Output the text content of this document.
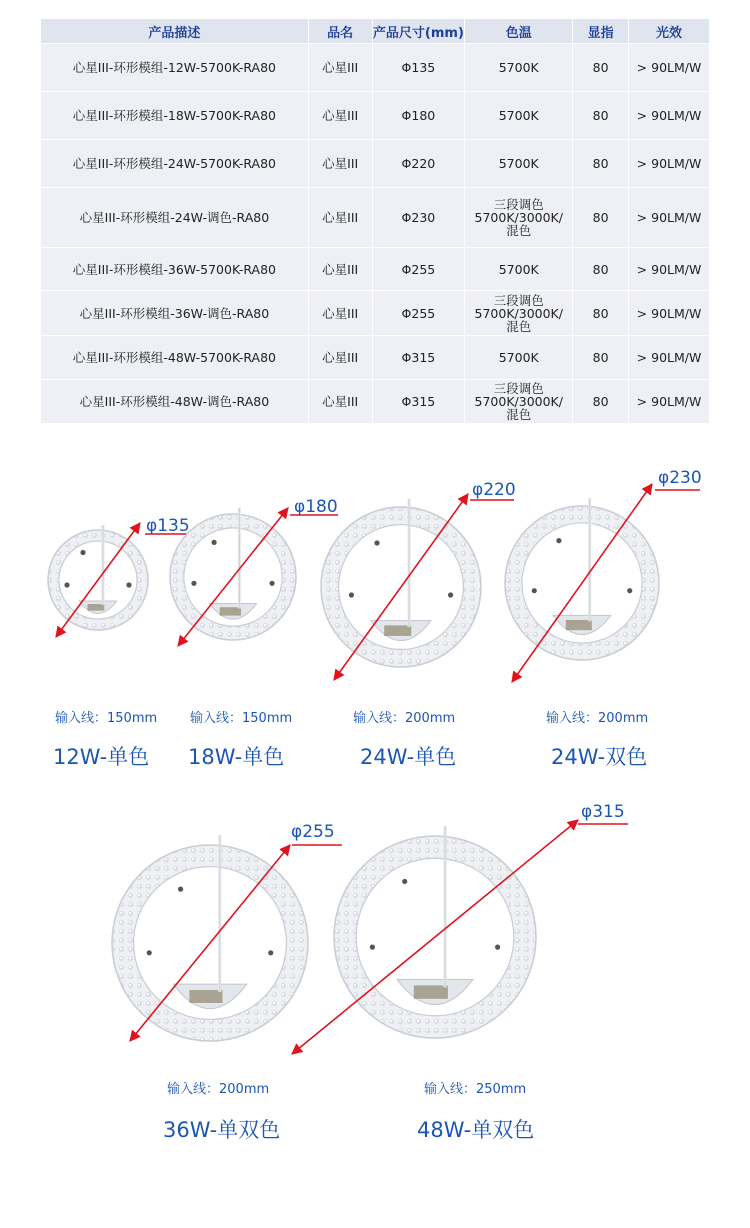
产品描述	品名	产品尺寸(mm)	色温	显指	光效
心星III-环形模组-12W-5700K-RA80	心星III	Φ135	5700K	80	> 90LM/W
心星III-环形模组-18W-5700K-RA80	心星III	Φ180	5700K	80	> 90LM/W
心星III-环形模组-24W-5700K-RA80	心星III	Φ220	5700K	80	> 90LM/W
心星III-环形模组-24W-调色-RA80	心星III	Φ230	三段调色 5700K/3000K/混色	80	> 90LM/W
心星III-环形模组-36W-5700K-RA80	心星III	Φ255	5700K	80	> 90LM/W
心星III-环形模组-36W-调色-RA80	心星III	Φ255	三段调色 5700K/3000K/混色	80	> 90LM/W
心星III-环形模组-48W-5700K-RA80	心星III	Φ315	5700K	80	> 90LM/W
心星III-环形模组-48W-调色-RA80	心星III	Φ315	三段调色 5700K/3000K/混色	80	> 90LM/W
φ135
输入线：150mm
12W-单色
φ180
输入线：150mm
18W-单色
φ220
输入线：200mm
24W-单色
φ230
输入线：200mm
24W-双色
φ255
输入线：200mm
36W-单双色
φ315
输入线：250mm
48W-单双色
